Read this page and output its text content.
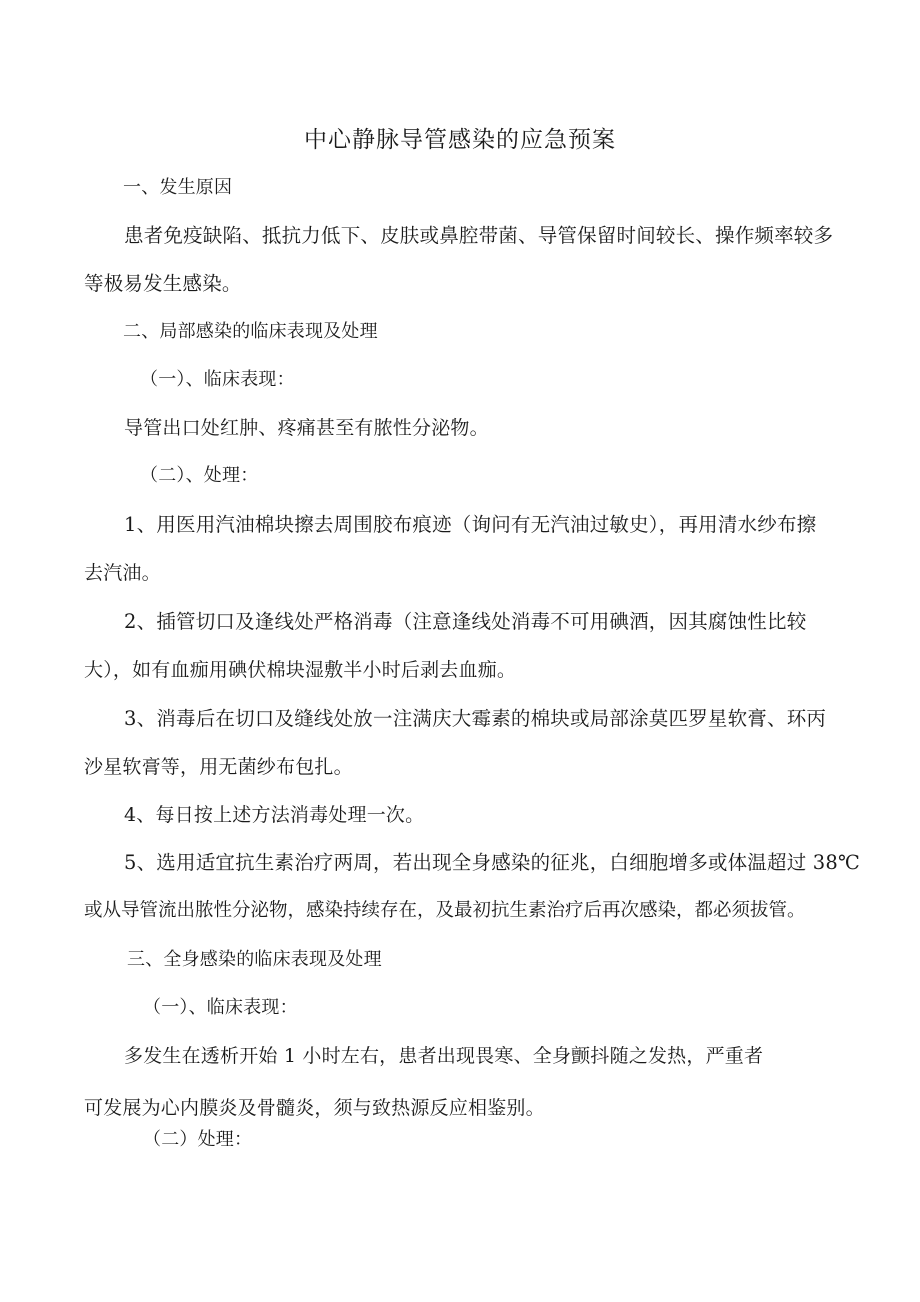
中心静脉导管感染的应急预案
一、发生原因
患者免疫缺陷、抵抗力低下、皮肤或鼻腔带菌、导管保留时间较长、操作频率较多
等极易发生感染。
二、局部感染的临床表现及处理
（一）、临床表现：
导管出口处红肿、疼痛甚至有脓性分泌物。
（二）、处理：
1、用医用汽油棉块擦去周围胶布痕迹（询问有无汽油过敏史），再用清水纱布擦
去汽油。
2、插管切口及逢线处严格消毒（注意逢线处消毒不可用碘酒，因其腐蚀性比较
大），如有血痂用碘伏棉块湿敷半小时后剥去血痂。
3、消毒后在切口及缝线处放一注满庆大霉素的棉块或局部涂莫匹罗星软膏、环丙
沙星软膏等，用无菌纱布包扎。
4、每日按上述方法消毒处理一次。
5、选用适宜抗生素治疗两周，若出现全身感染的征兆，白细胞增多或体温超过 38℃
或从导管流出脓性分泌物，感染持续存在，及最初抗生素治疗后再次感染，都必须拔管。
三、全身感染的临床表现及处理
（一）、临床表现：
多发生在透析开始 1 小时左右，患者出现畏寒、全身颤抖随之发热，严重者
可发展为心内膜炎及骨髓炎，须与致热源反应相鉴别。
（二）处理：
